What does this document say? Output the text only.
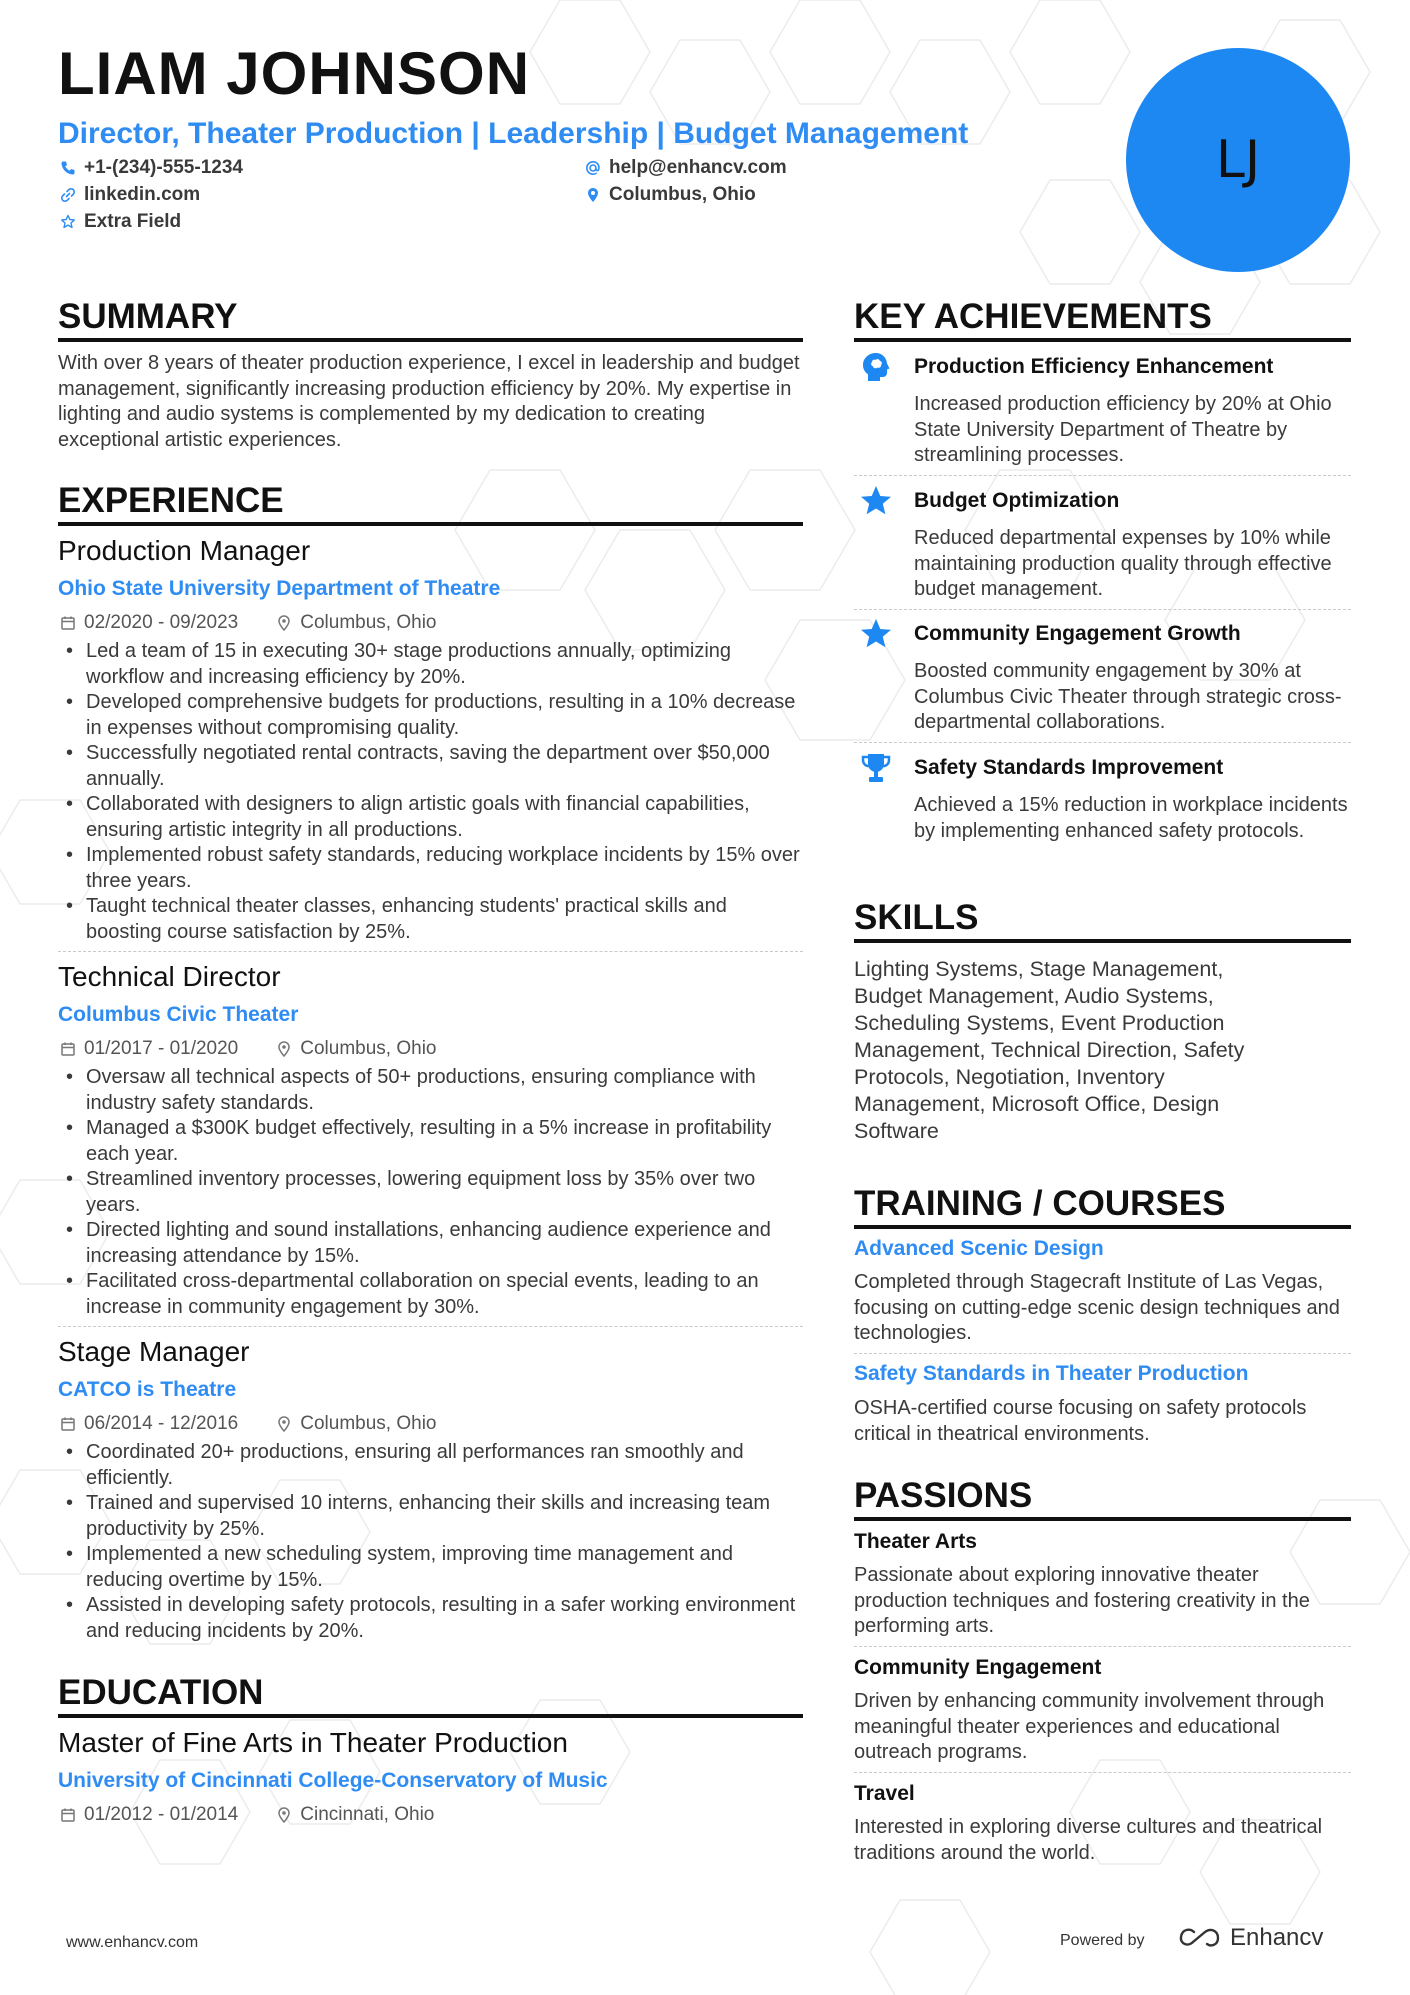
LIAM JOHNSON
Director, Theater Production | Leadership | Budget Management
+1-(234)-555-1234	help@enhancv.com
linkedin.com	Columbus, Ohio
Extra Field
LJ
SUMMARY
With over 8 years of theater production experience, I excel in leadership and budget management, significantly increasing production efficiency by 20%. My expertise in lighting and audio systems is complemented by my dedication to creating exceptional artistic experiences.
EXPERIENCE
Production Manager
Ohio State University Department of Theatre
02/2020 - 09/2023	Columbus, Ohio
• Led a team of 15 in executing 30+ stage productions annually, optimizing workflow and increasing efficiency by 20%.
• Developed comprehensive budgets for productions, resulting in a 10% decrease in expenses without compromising quality.
• Successfully negotiated rental contracts, saving the department over $50,000 annually.
• Collaborated with designers to align artistic goals with financial capabilities, ensuring artistic integrity in all productions.
• Implemented robust safety standards, reducing workplace incidents by 15% over three years.
• Taught technical theater classes, enhancing students' practical skills and boosting course satisfaction by 25%.
Technical Director
Columbus Civic Theater
01/2017 - 01/2020	Columbus, Ohio
• Oversaw all technical aspects of 50+ productions, ensuring compliance with industry safety standards.
• Managed a $300K budget effectively, resulting in a 5% increase in profitability each year.
• Streamlined inventory processes, lowering equipment loss by 35% over two years.
• Directed lighting and sound installations, enhancing audience experience and increasing attendance by 15%.
• Facilitated cross-departmental collaboration on special events, leading to an increase in community engagement by 30%.
Stage Manager
CATCO is Theatre
06/2014 - 12/2016	Columbus, Ohio
• Coordinated 20+ productions, ensuring all performances ran smoothly and efficiently.
• Trained and supervised 10 interns, enhancing their skills and increasing team productivity by 25%.
• Implemented a new scheduling system, improving time management and reducing overtime by 15%.
• Assisted in developing safety protocols, resulting in a safer working environment and reducing incidents by 20%.
EDUCATION
Master of Fine Arts in Theater Production
University of Cincinnati College-Conservatory of Music
01/2012 - 01/2014	Cincinnati, Ohio
KEY ACHIEVEMENTS
Production Efficiency Enhancement
Increased production efficiency by 20% at Ohio State University Department of Theatre by streamlining processes.
Budget Optimization
Reduced departmental expenses by 10% while maintaining production quality through effective budget management.
Community Engagement Growth
Boosted community engagement by 30% at Columbus Civic Theater through strategic cross-departmental collaborations.
Safety Standards Improvement
Achieved a 15% reduction in workplace incidents by implementing enhanced safety protocols.
SKILLS
Lighting Systems, Stage Management, Budget Management, Audio Systems, Scheduling Systems, Event Production Management, Technical Direction, Safety Protocols, Negotiation, Inventory Management, Microsoft Office, Design Software
TRAINING / COURSES
Advanced Scenic Design
Completed through Stagecraft Institute of Las Vegas, focusing on cutting-edge scenic design techniques and technologies.
Safety Standards in Theater Production
OSHA-certified course focusing on safety protocols critical in theatrical environments.
PASSIONS
Theater Arts
Passionate about exploring innovative theater production techniques and fostering creativity in the performing arts.
Community Engagement
Driven by enhancing community involvement through meaningful theater experiences and educational outreach programs.
Travel
Interested in exploring diverse cultures and theatrical traditions around the world.
www.enhancv.com	Powered by	Enhancv
